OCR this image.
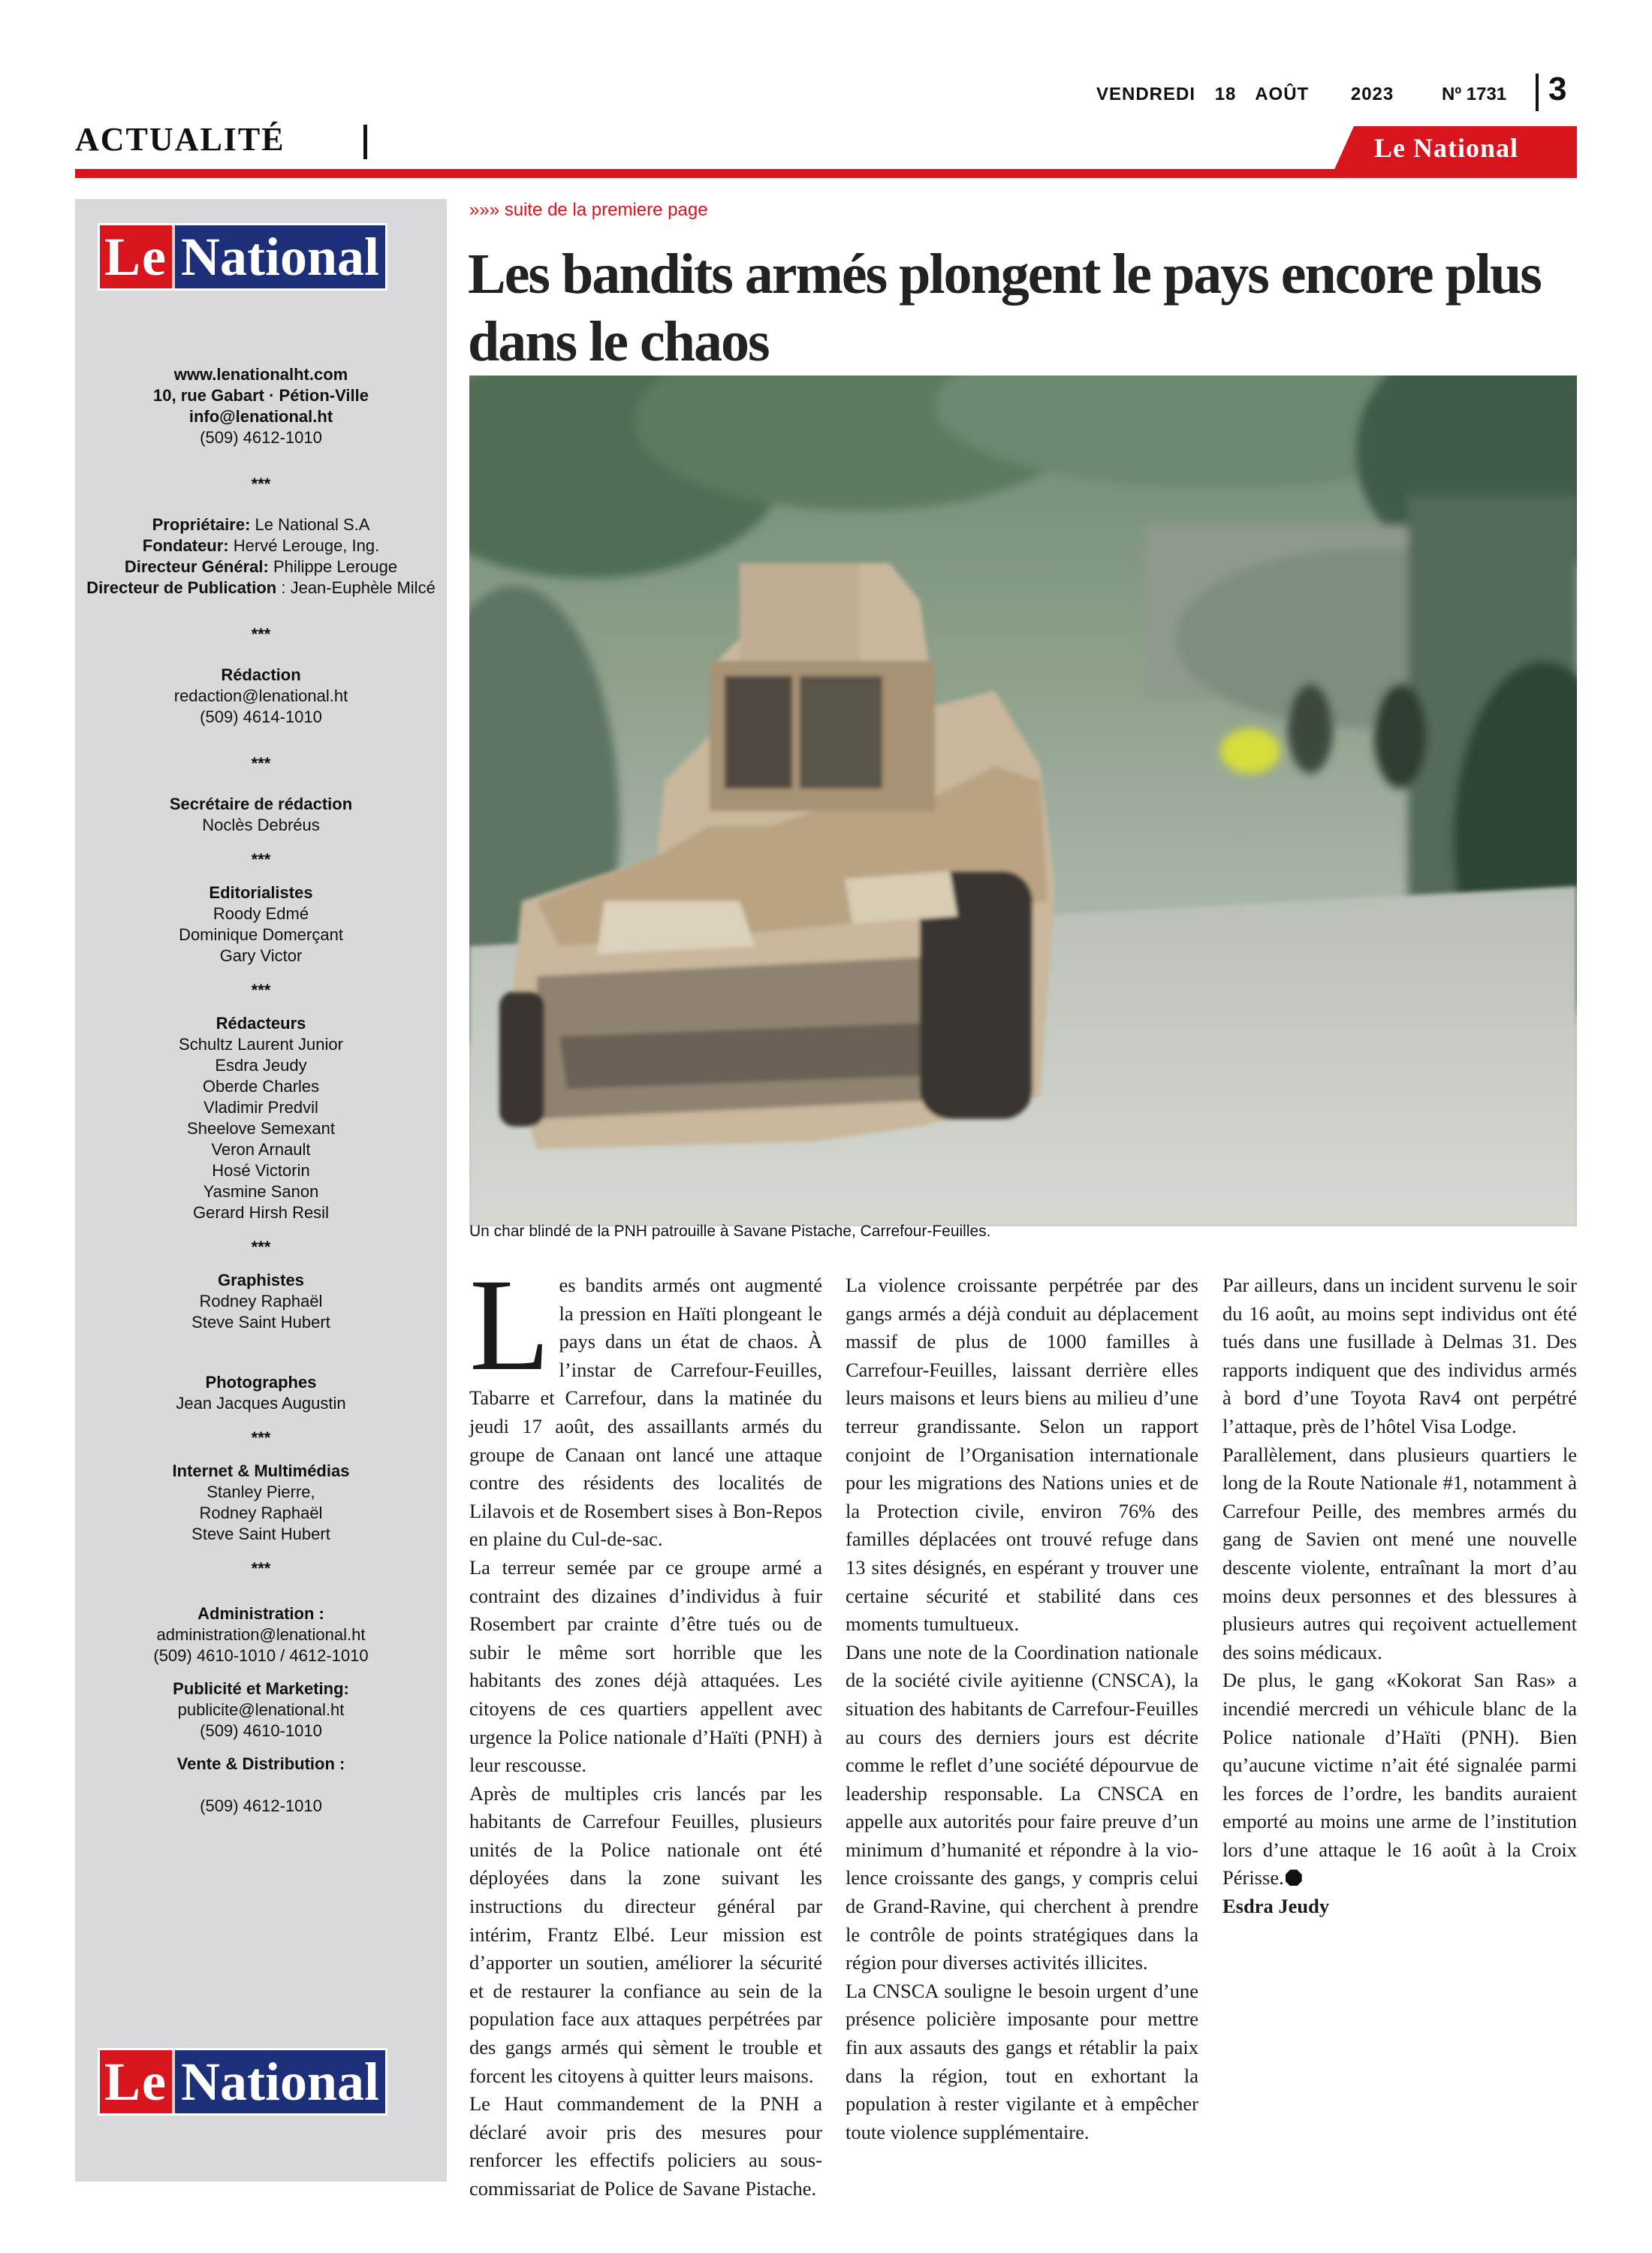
VENDREDI 18 AOÛT 2023	Nº 1731 3
ACTUALITÉ	Le National
Le National
www.lenationalht.com
10, rue Gabart · Pétion-Ville
info@lenational.ht
(509) 4612-1010
***
Propriétaire: Le National S.A
Fondateur: Hervé Lerouge, Ing.
Directeur Général: Philippe Lerouge
Directeur de Publication : Jean-Euphèle Milcé
***
Rédaction
redaction@lenational.ht
(509) 4614-1010
***
Secrétaire de rédaction
Noclès Debréus
***
Editorialistes
Roody Edmé
Dominique Domerçant
Gary Victor
***
Rédacteurs
Schultz Laurent Junior
Esdra Jeudy
Oberde Charles
Vladimir Predvil
Sheelove Semexant
Veron Arnault
Hosé Victorin
Yasmine Sanon
Gerard Hirsh Resil
***
Graphistes
Rodney Raphaël
Steve Saint Hubert
Photographes
Jean Jacques Augustin
***
Internet & Multimédias
Stanley Pierre,
Rodney Raphaël
Steve Saint Hubert
***
Administration :
administration@lenational.ht
(509) 4610-1010 / 4612-1010
Publicité et Marketing:
publicite@lenational.ht
(509) 4610-1010
Vente & Distribution :
(509) 4612-1010
Le National
»»» suite de la premiere page
Les bandits armés plongent le pays encore plus dans le chaos
Un char blindé de la PNH patrouille à Savane Pistache, Carrefour-Feuilles.

Les bandits armés ont augmenté la pression en Haïti plongeant le pays dans un état de chaos. À l’instar de Carrefour-Feuilles, Tabarre et Carrefour, dans la matinée du jeudi 17 août, des assaillants armés du groupe de Canaan ont lancé une attaque contre des résidents des localités de Lilavois et de Rosembert sises à Bon-Repos en plaine du Cul-de-sac.

La terreur semée par ce groupe armé a contraint des dizaines d’individus à fuir Rosembert par crainte d’être tués ou de subir le même sort horrible que les habitants des zones déjà attaquées. Les citoyens de ces quartiers appellent avec urgence la Police nationale d’Haïti (PNH) à leur rescousse.

Après de multiples cris lancés par les habitants de Carrefour Feuilles, plusieurs unités de la Police nationale ont été déployées dans la zone suivant les instructions du directeur général par intérim, Frantz Elbé. Leur mission est d’apporter un soutien, améliorer la sécurité et de restaurer la confiance au sein de la population face aux attaques perpétrées par des gangs armés qui sèment le trouble et forcent les citoyens à quitter leurs maisons.

Le Haut commandement de la PNH a déclaré avoir pris des mesures pour renforcer les effectifs policiers au sous-commissariat de Police de Savane Pistache.

La violence croissante perpétrée par des gangs armés a déjà conduit au déplacement massif de plus de 1000 familles à Carrefour-Feuilles, laissant derrière elles leurs maisons et leurs biens au milieu d’une terreur grandissante. Selon un rapport conjoint de l’Organisation internationale pour les migrations des Nations unies et de la Protection civile, environ 76% des familles déplacées ont trouvé refuge dans 13 sites désignés, en espérant y trouver une certaine sécurité et stabilité dans ces moments tumultueux.

Dans une note de la Coordination nationale de la société civile ayitienne (CNSCA), la situation des habitants de Carrefour-Feuilles au cours des derniers jours est décrite comme le reflet d’une société dépourvue de leadership responsable. La CNSCA en appelle aux autorités pour faire preuve d’un minimum d’humanité et répondre à la violence croissante des gangs, y compris celui de Grand-Ravine, qui cherchent à prendre le contrôle de points stratégiques dans la région pour diverses activités illicites.

La CNSCA souligne le besoin urgent d’une présence policière imposante pour mettre fin aux assauts des gangs et rétablir la paix dans la région, tout en exhortant la population à rester vigilante et à empêcher toute violence supplémentaire.

Par ailleurs, dans un incident survenu le soir du 16 août, au moins sept individus ont été tués dans une fusillade à Delmas 31. Des rapports indiquent que des individus armés à bord d’une Toyota Rav4 ont perpétré l’attaque, près de l’hôtel Visa Lodge.

Parallèlement, dans plusieurs quartiers le long de la Route Nationale #1, notamment à Carrefour Peille, des membres armés du gang de Savien ont mené une nouvelle descente violente, entraînant la mort d’au moins deux personnes et des blessures à plusieurs autres qui reçoivent actuellement des soins médicaux.

De plus, le gang «Kokorat San Ras» a incendié mercredi un véhicule blanc de la Police nationale d’Haïti (PNH). Bien qu’aucune victime n’ait été signalée parmi les forces de l’ordre, les bandits auraient emporté au moins une arme de l’institution lors d’une attaque le 16 août à la Croix Périsse.

Esdra Jeudy
